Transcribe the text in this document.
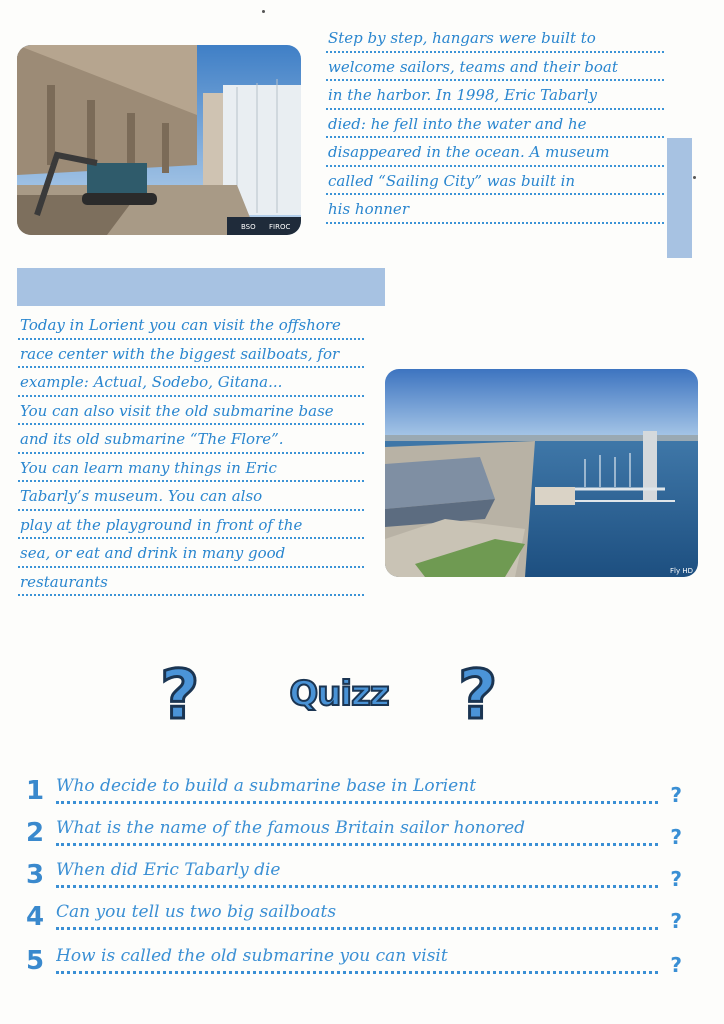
BSO FIROC
Step by step, hangars were built to
welcome sailors, teams and their boat
in the harbor. In 1998, Eric Tabarly
died: he fell into the water and he
disappeared in the ocean. A museum
called “Sailing City” was built in
his honner
Today in Lorient you can visit the offshore
race center with the biggest sailboats, for
example: Actual, Sodebo, Gitana...
You can also visit the old submarine base
and its old submarine “The Flore”.
You can learn many things in Eric
Tabarly’s museum. You can also
play at the playground in front of the
sea, or eat and drink in many good
restaurants
Fly HD
?	Quizz ?
1 Who decide to build a submarine base in Lorient	?
2 What is the name of the famous Britain sailor honored	?
3 When did Eric Tabarly die	?
4 Can you tell us two big sailboats	?
5 How is called the old submarine you can visit	?
